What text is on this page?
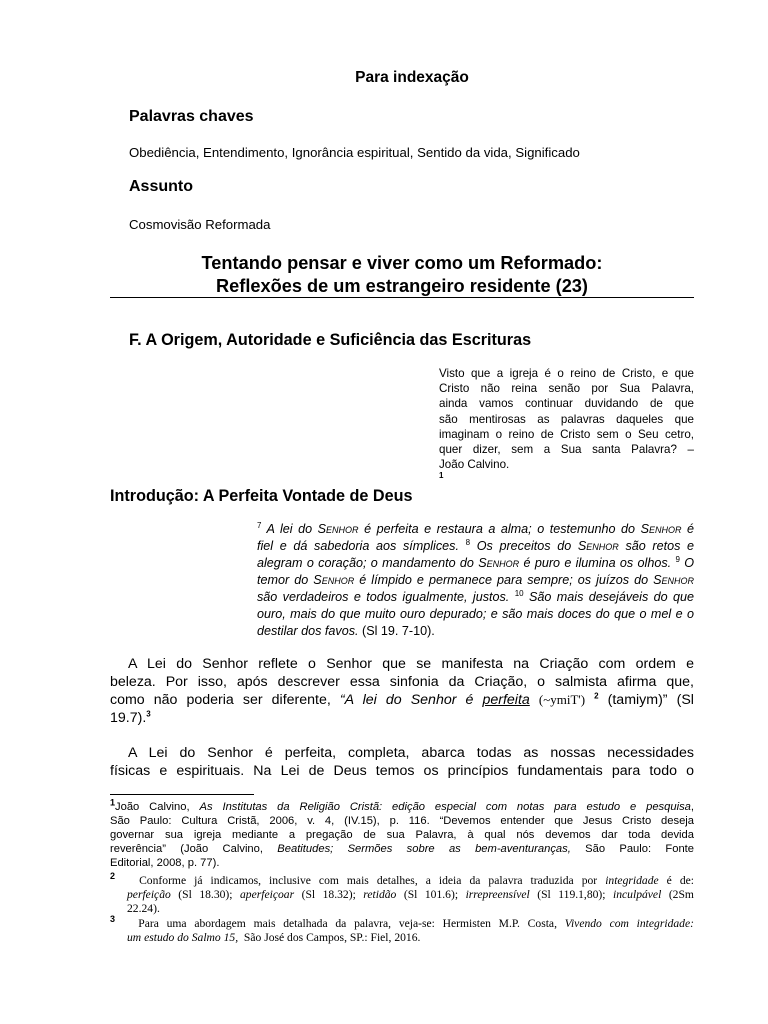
Para indexação
Palavras chaves
Obediência, Entendimento, Ignorância espiritual, Sentido da vida, Significado
Assunto
Cosmovisão Reformada
Tentando pensar e viver como um Reformado:
Reflexões de um estrangeiro residente (23)
F. A Origem, Autoridade e Suficiência das Escrituras
Visto que a igreja é o reino de Cristo, e que
Cristo não reina senão por Sua Palavra,
ainda vamos continuar duvidando de que
são mentirosas as palavras daqueles que
imaginam o reino de Cristo sem o Seu cetro,
quer dizer, sem a Sua santa Palavra? –
João Calvino.
$^1$
Introdução: A Perfeita Vontade de Deus
$^7$ A lei do Senhor é perfeita e restaura a alma; o testemunho do Senhor é
fiel e dá sabedoria aos símplices. $^8$ Os preceitos do Senhor são retos e
alegram o coração; o mandamento do Senhor é puro e ilumina os olhos. $^9$ O
temor do Senhor é límpido e permanece para sempre; os juízos do Senhor
são verdadeiros e todos igualmente, justos. $^{10}$ São mais desejáveis do que
ouro, mais do que muito ouro depurado; e são mais doces do que o mel e o
destilar dos favos. (Sl 19. 7-10).
A Lei do Senhor reflete o Senhor que se manifesta na Criação com ordem e
beleza. Por isso, após descrever essa sinfonia da Criação, o salmista afirma que,
como não poderia ser diferente, “A lei do Senhor é perfeita (~ymiT') $^2$ (tamiym)” (Sl
19.7).$^3$
A Lei do Senhor é perfeita, completa, abarca todas as nossas necessidades
físicas e espirituais. Na Lei de Deus temos os princípios fundamentais para todo o
$^1$João Calvino, As Institutas da Religião Cristã: edição especial com notas para estudo e pesquisa,
São Paulo: Cultura Cristã, 2006, v. 4, (IV.15), p. 116. “Devemos entender que Jesus Cristo deseja
governar sua igreja mediante a pregação de sua Palavra, à qual nós devemos dar toda devida
reverência” (João Calvino, Beatitudes; Sermões sobre as bem-aventuranças, São Paulo: Fonte
Editorial, 2008, p. 77).
$^2$ Conforme já indicamos, inclusive com mais detalhes, a ideia da palavra traduzida por integridade é de:
perfeição (Sl 18.30); aperfeiçoar (Sl 18.32); retidão (Sl 101.6); irrepreensível (Sl 119.1,80); inculpável (2Sm
22.24).
$^3$ Para uma abordagem mais detalhada da palavra, veja-se: Hermisten M.P. Costa, Vivendo com integridade:
um estudo do Salmo 15, São José dos Campos, SP.: Fiel, 2016.
